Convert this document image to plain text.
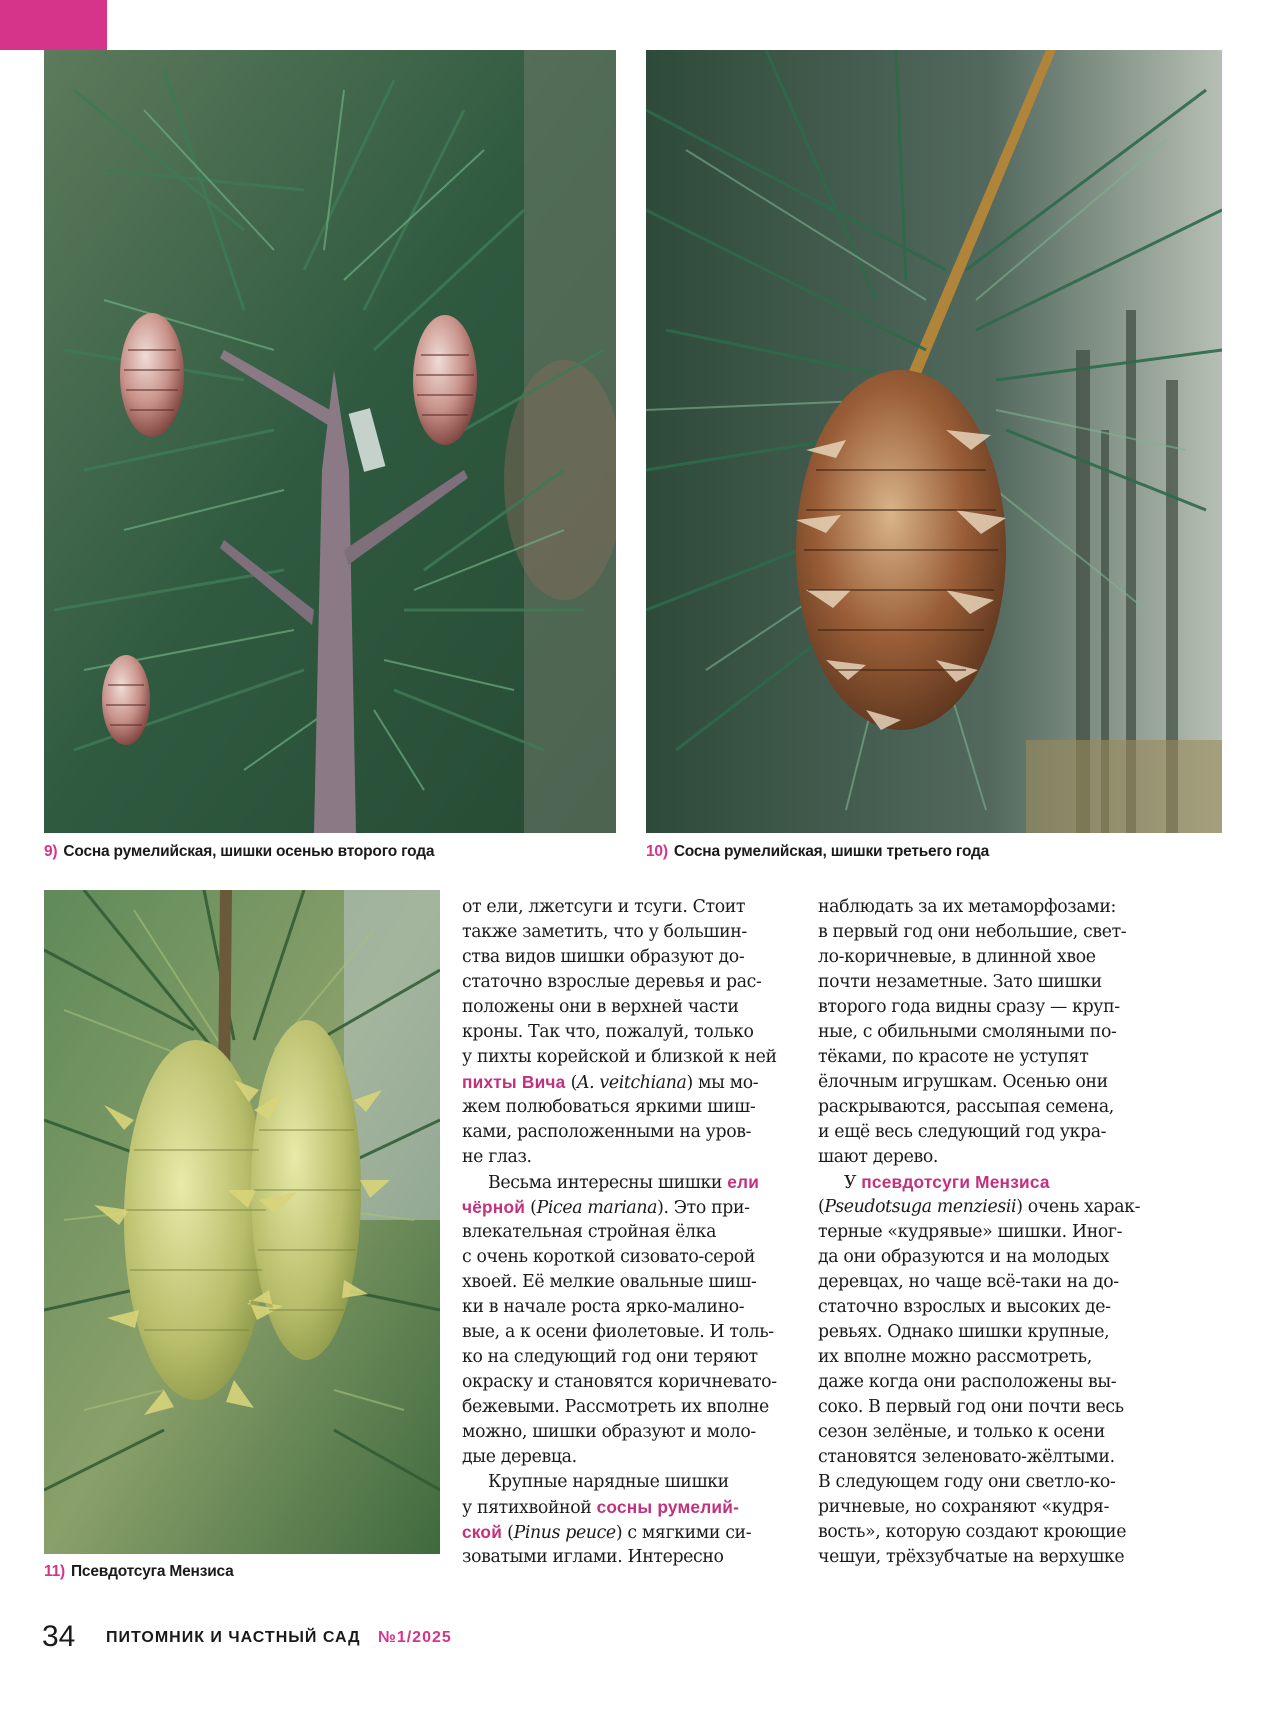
9) Сосна румелийская, шишки осенью второго года	10) Сосна румелийская, шишки третьего года
11) Псевдотсуга Мензиса
от ели, лжетсуги и тсуги. Стоит
также заметить, что у большин-
ства видов шишки образуют до-
статочно взрослые деревья и рас-
положены они в верхней части
кроны. Так что, пожалуй, только
у пихты корейской и близкой к ней
пихты Вича (A. veitchiana) мы мо-
жем полюбоваться яркими шиш-
ками, расположенными на уров-
не глаз.
Весьма интересны шишки ели
чёрной (Picea mariana). Это при-
влекательная стройная ёлка
с очень короткой сизовато-серой
хвоей. Её мелкие овальные шиш-
ки в начале роста ярко-малино-
вые, а к осени фиолетовые. И толь-
ко на следующий год они теряют
окраску и становятся коричневато-
бежевыми. Рассмотреть их вполне
можно, шишки образуют и моло-
дые деревца.
Крупные нарядные шишки
у пятихвойной сосны румелий-
ской (Pinus peuce) с мягкими си-
зоватыми иглами. Интересно
наблюдать за их метаморфозами:
в первый год они небольшие, свет-
ло-коричневые, в длинной хвое
почти незаметные. Зато шишки
второго года видны сразу — круп-
ные, с обильными смоляными по-
тёками, по красоте не уступят
ёлочным игрушкам. Осенью они
раскрываются, рассыпая семена,
и ещё весь следующий год укра-
шают дерево.
У псевдотсуги Мензиса
(Pseudotsuga menziesii) очень харак-
терные «кудрявые» шишки. Иног-
да они образуются и на молодых
деревцах, но чаще всё-таки на до-
статочно взрослых и высоких де-
ревьях. Однако шишки крупные,
их вполне можно рассмотреть,
даже когда они расположены вы-
соко. В первый год они почти весь
сезон зелёные, и только к осени
становятся зеленовато-жёлтыми.
В следующем году они светло-ко-
ричневые, но сохраняют «кудря-
вость», которую создают кроющие
чешуи, трёхзубчатые на верхушке
34 ПИТОМНИК И ЧАСТНЫЙ САД №1/2025
